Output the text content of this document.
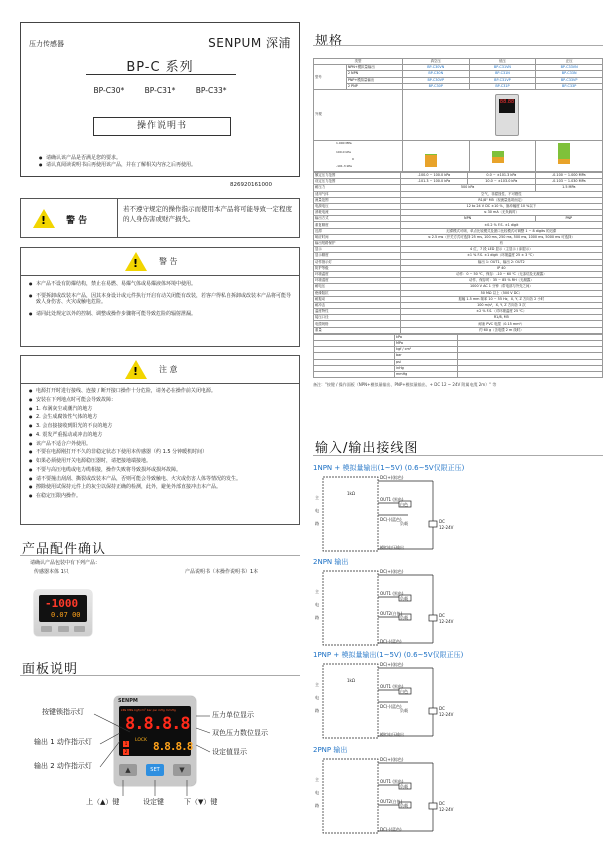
压力传感器	SENPUM 深浦
BP-C 系列
BP-C30*	BP-C31*	BP-C33*
操作说明书
● 请确认该产品是否满足您的要求。
● 请认真阅读说明书后再使用该产品，并在了解相关内容之后再使用。
826920161000
! 警 告
若不遵守规定的操作指示而使用本产品将可能导致一定程度的人身伤害或财产损失。
!	警 告
● 本产品不设有防爆结构，禁止在易燃、易爆气体或易爆液体环境中使用。
● 不要拆卸或改装本产品，因其本身设计或元件执行开启有动关闭能有改装，若客户得私自拆卸或改装本产品将可能导致人身伤害、火灾或触电危险。
● 请同此处规定以外的控制、调整或操作步骤将可能导致危险的辐射泄漏。
!	注 意
● 电源打开时进行接线、连接 / 断开接口操作十分危险，请务必在操作前关闭电源。
● 安装在下列地点时可能会导致故障：
● 1. 布满灰尘或潮汽的地方
● 2. 会生成腐蚀性气体的地方
● 3. 会直接接收到阳光的不良的地方
● 4. 震发严重振动或冲击的地方
● 该产品不适合户外使用。
● 不要在电源刚打开不久的非稳定状态下使用本传感器（约 1.5 分钟暖机时间）
● 如果必须使用开关电源稳压器时，请把接地端接地。
● 不要与高压电缆或电力缆相接，操作失败将导致损坏或损坏故障。
● 请不要撞击刮刮、撕裂或改装本产品，否则可能会导致触电、火灾或伤害人体等情况的发生。
● 擦除使用试保持元件上的灰尘以保持正确的检测，此外，避免外部直接冲击本产品。
● 在稳定压限内操作。
产品配件确认
请确认产品包装中有下列产品：
传感器本体 1只	产品说明书（本操作说明书）1本
-1000
0.07 00
面板说明
SENPM
kPa MPa kgf/cm² bar psi inHg mmHg
8.8.8.8
LOCK
1
2 8.8.8.8
▲	SET	▼
按键锁指示灯
输出 1 动作指示灯
输出 2 动作指示灯
压力单位显示
双色压力数位显示
设定值显示
上（▲）键	设定键	下（▼）键
规格
类型		真空压	低压	正压
型号	NPN+模拟量输出	BP-C30VN	BP-C31VN	BP-C33VN
	2 NPN	BP-C30N	BP-C31N	BP-C33N
	PNP+模拟量输出	BP-C30VP	BP-C31VP	BP-C33VP
	2 PNP	BP-C30P	BP-C31P	BP-C33P
外观		88.88		

1.000 MPa
100.0 kPa
0
-101.3 kPa				

额定压力范围	-100.0 ~ 100.0 kPa	0.0 ~ ±101.3 kPa	-0.100 ~ 1.000 MPa
设定压力范围	-101.3 ~ 100.0 kPa	10.0 ~ ±103.0 kPa	-0.103 ~ 1.030 MPa
耐压力	500 kPa		1.5 MPa
适用气体	空气、非腐蚀性、不可燃性		
流量范围	R1/8" M5（视流量选项而定）		
电源电压	12 to 24 V DC ±10 %，脉冲幅度 10 %以下		
消耗电流	≤ 30 mA（无负载时）		
输出方式	NPN		PNP
重复精度	±0.2 % F.S. ±1 digit		
迟滞	迟滞模式可调，单点比较模式及窗口比较模式可调整 1 ~ 8 digits 的迟滞		
响应时间	≤ 2.5 ms（开关方式可选择 25 ms, 100 ms, 250 ms, 500 ms, 1000 ms, 5000 ms 可选择）		
输出短路保护	有		
显示	4 位，7 段 LED 显示（主显示 / 副显示）		
显示精度	±1 % F.S. ±1 digit（环境温度 25 ± 3 ℃）		
动作指示灯	输出 1: OUT1，输出 2: OUT2		
防护等级	IP 40		
环境温度	动作：0 ~ 50 ℃，保存：-10 ~ 60 ℃（无冻结及无凝露）		
环境湿度	动作、保存时：35 ~ 85 % RH（无凝露）		
耐电压	1000 V AC 1 分钟（带电部与外壳之间）		
绝缘阻抗	50 MΩ 以上（500 V DC）		
耐振动	振幅 1.5 mm 频率 10 ~ 55 Hz，X, Y, Z 方向各 2 小时		
耐冲击	100 m/s²，X, Y, Z 方向各 3 次		
温度特性	±2 % F.S.（对环境温度 25 ℃）		
接压口径	R1/8, M5		
电缆规格	耐油 PVC 电缆（0.15 mm²）		
重量	约 60 g（含电缆 2 m 线时）		
	kPa	
	MPa	
	kgf / cm²	
	bar	
	psi	
	inHg	
	mmHg	
备注："按键 / 操作面板（NPN+模拟量输出、PNP+模拟量输出、+ DC 12 ~ 24V 附属电缆 2m）" 等
输入/输出接线图
1NPN + 模拟量输出(1~5V) (0.6~5V仅限正压)
主
电
路
DC(+)(棕色)
OUT1 (黑色)
DC(-)(蓝色)
模拟电压输出
白色
负载
1kΩ
DC
12-24V
2NPN 输出
主
电
路
DC(+)(棕色)
OUT1 (黑色)
OUT2(白色)
DC(-)(蓝色)
负载
负载	DC
12-24V
1PNP + 模拟量输出(1~5V) (0.6~5V仅限正压)
主
电
路
DC(+)(棕色)
OUT1 (黑色)
DC(-)(蓝色)
模拟电压输出
白色
负载
1kΩ
DC
12-24V
2PNP 输出
主
电
路
DC(+)(棕色)
OUT1 (黑色)
OUT2(白色)
DC(-)(蓝色)
负载
负载	DC
12-24V
